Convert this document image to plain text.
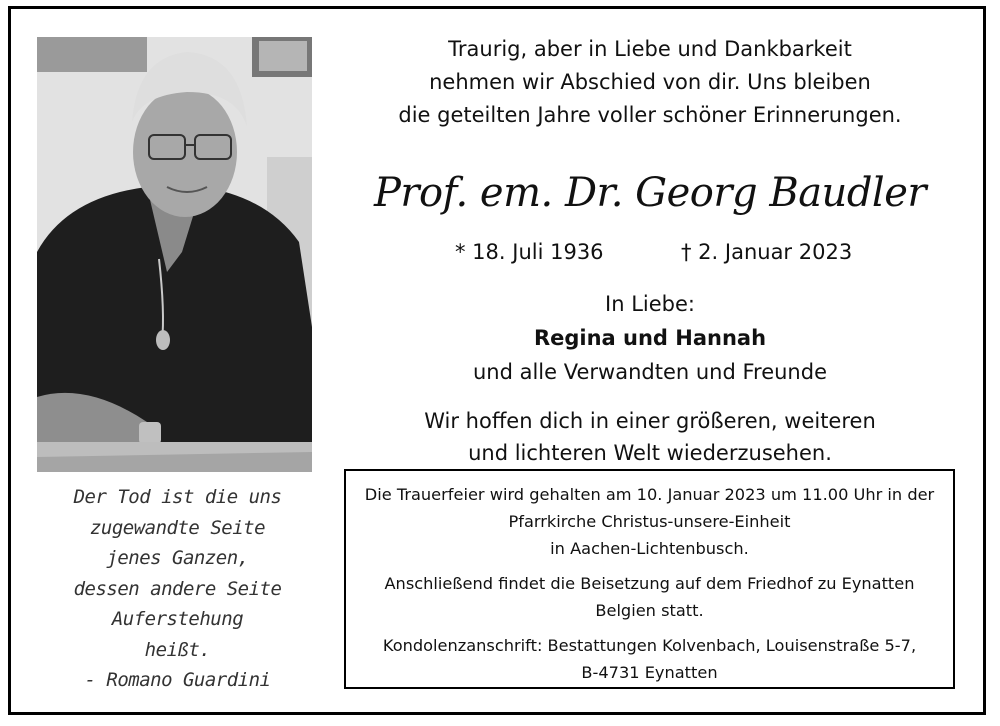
Traurig, aber in Liebe und Dankbarkeit
nehmen wir Abschied von dir. Uns bleiben
die geteilten Jahre voller schöner Erinnerungen.
Prof. em. Dr. Georg Baudler
* 18. Juli 1936	† 2. Januar 2023
In Liebe:
Regina und Hannah
und alle Verwandten und Freunde
Wir hoffen dich in einer größeren, weiteren
und lichteren Welt wiederzusehen.
Die Trauerfeier wird gehalten am 10. Januar 2023 um 11.00 Uhr in der
Pfarrkirche Christus-unsere-Einheit
in Aachen-Lichtenbusch.
Anschließend findet die Beisetzung auf dem Friedhof zu Eynatten
Belgien statt.
Kondolenzanschrift: Bestattungen Kolvenbach, Louisenstraße 5-7,
B-4731 Eynatten
Der Tod ist die uns
zugewandte Seite
jenes Ganzen,
dessen andere Seite
Auferstehung
heißt.
- Romano Guardini
